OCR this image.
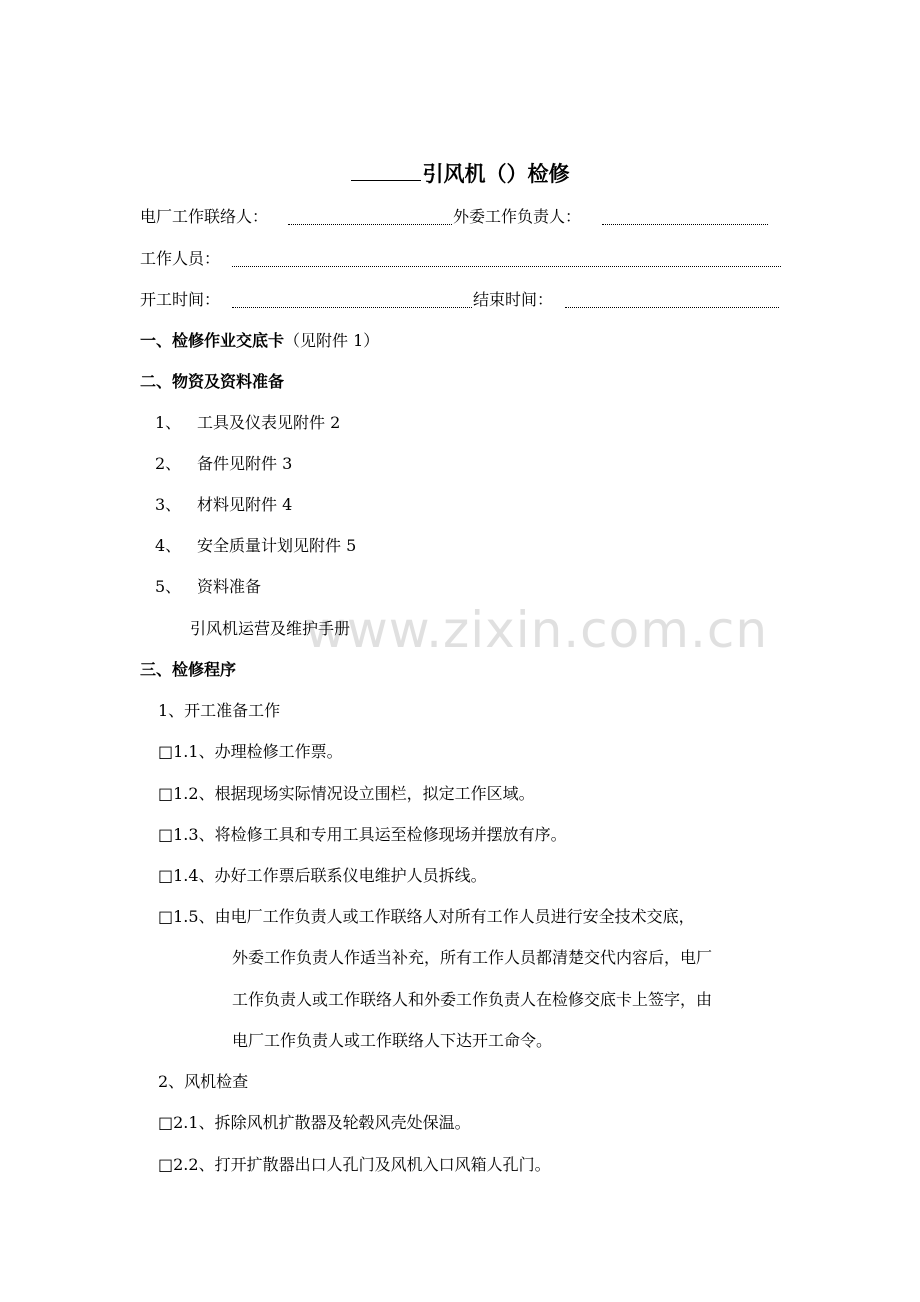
www.zixin.com.cn
引风机（）检修
电厂工作联络人：	外委工作负责人：
工作人员：
开工时间：	结束时间：
一、检修作业交底卡（见附件 1）
二、物资及资料准备
1、 工具及仪表见附件 2
2、 备件见附件 3
3、 材料见附件 4
4、 安全质量计划见附件 5
5、 资料准备
引风机运营及维护手册
三、检修程序
1、开工准备工作
□1.1、办理检修工作票。
□1.2、根据现场实际情况设立围栏，拟定工作区域。
□1.3、将检修工具和专用工具运至检修现场并摆放有序。
□1.4、办好工作票后联系仪电维护人员拆线。
□1.5、由电厂工作负责人或工作联络人对所有工作人员进行安全技术交底，
外委工作负责人作适当补充，所有工作人员都清楚交代内容后，电厂
工作负责人或工作联络人和外委工作负责人在检修交底卡上签字，由
电厂工作负责人或工作联络人下达开工命令。
2、风机检查
□2.1、拆除风机扩散器及轮毂风壳处保温。
□2.2、打开扩散器出口人孔门及风机入口风箱人孔门。
